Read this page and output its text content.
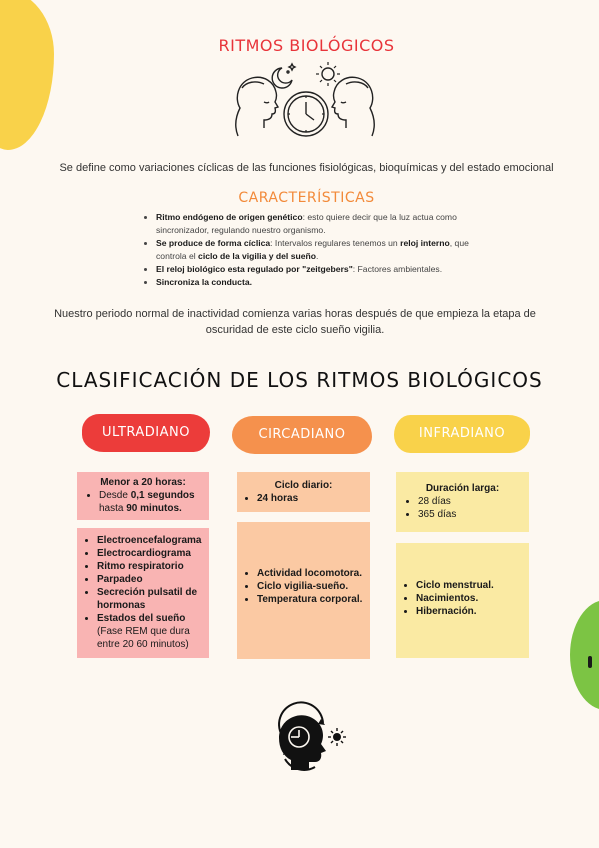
RITMOS BIOLÓGICOS
Se define como variaciones cíclicas de las funciones fisiológicas, bioquímicas y del estado emocional
CARACTERÍSTICAS
• Ritmo endógeno de origen genético: esto quiere decir que la luz actua como sincronizador, regulando nuestro organismo.
• Se produce de forma cíclica: Intervalos regulares tenemos un reloj interno, que controla el ciclo de la vigilia y del sueño.
• El reloj biológico esta regulado por "zeitgebers": Factores ambientales.
• Sincroniza la conducta.
Nuestro periodo normal de inactividad comienza varias horas después de que empieza la etapa de oscuridad de este ciclo sueño vigilia.
CLASIFICACIÓN DE LOS RITMOS BIOLÓGICOS
ULTRADIANO	CIRCADIANO	INFRADIANO
Menor a 20 horas:
• Desde 0,1 segundos hasta 90 minutos.
• Electroencefalograma
• Electrocardiograma
• Ritmo respiratorio
• Parpadeo
• Secreción pulsatil de hormonas
• Estados del sueño
(Fase REM que dura entre 20 60 minutos)
Ciclo diario:
• 24 horas
• Actividad locomotora.
• Ciclo vigilia-sueño.
• Temperatura corporal.
Duración larga:
• 28 días
• 365 días
• Ciclo menstrual.
• Nacimientos.
• Hibernación.
